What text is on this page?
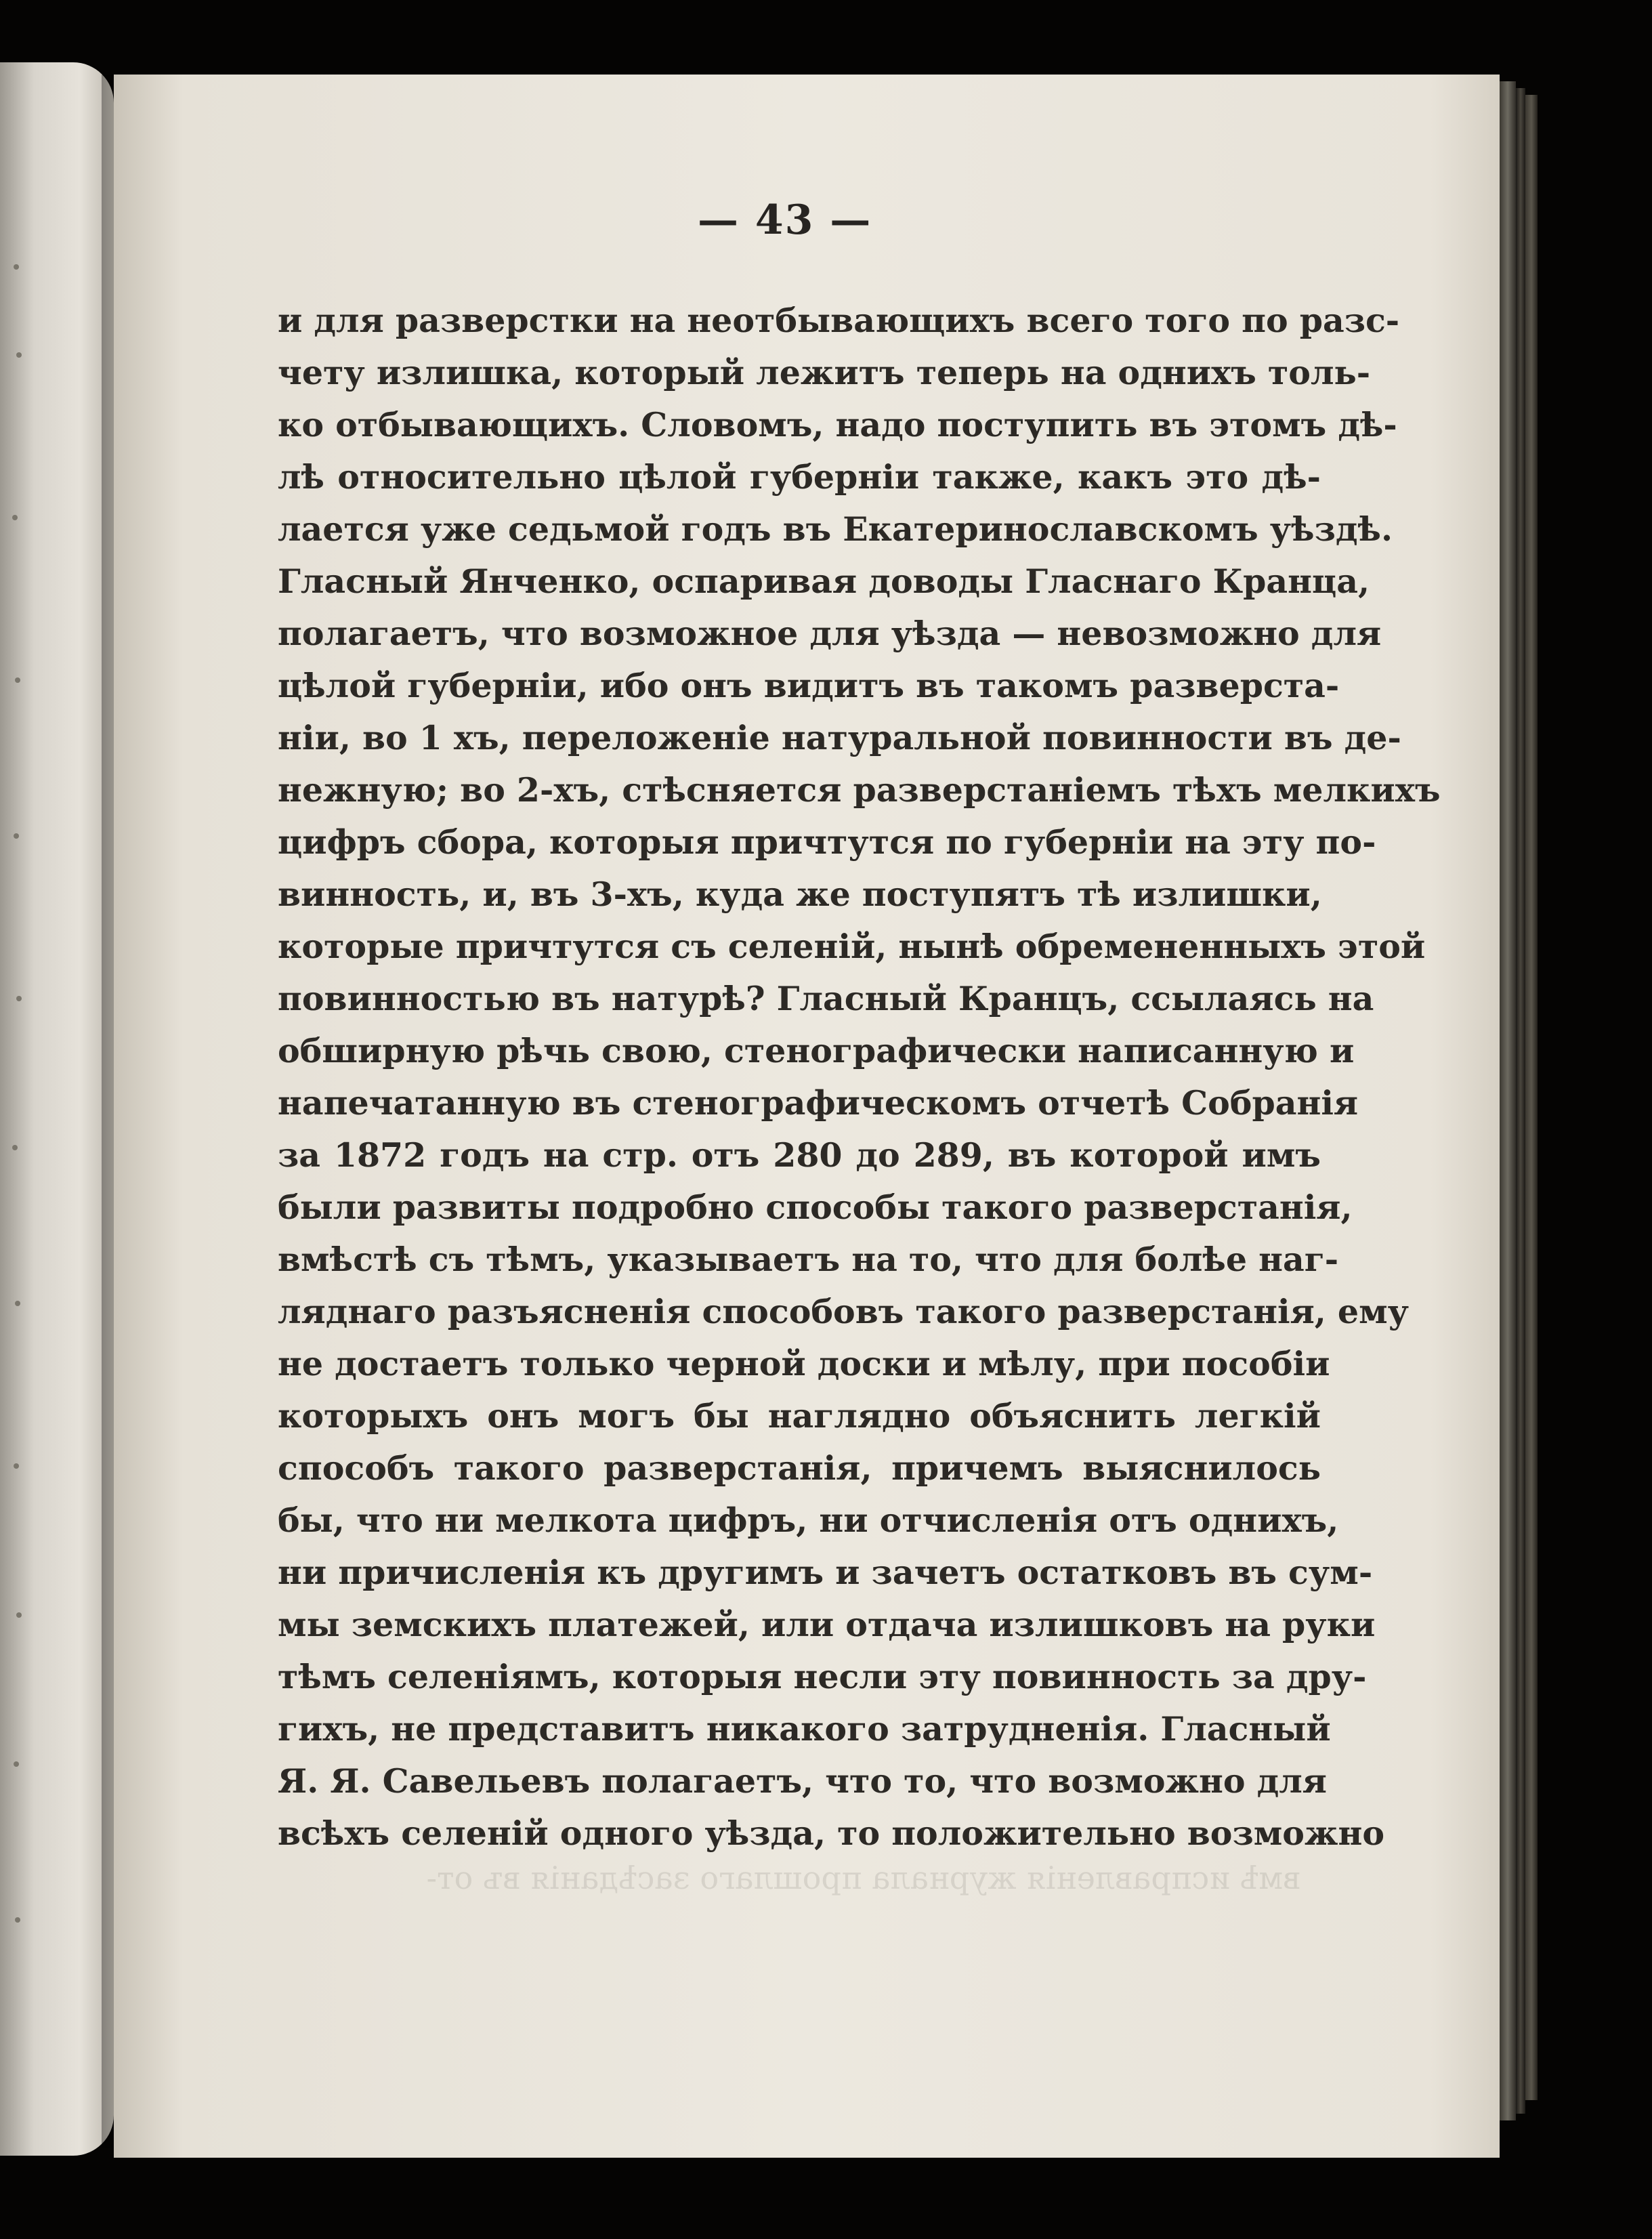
— 43 —
и для разверстки на неотбывающихъ всего того по разс-
чету излишка, который лежитъ теперь на однихъ толь-
ко отбывающихъ. Словомъ, надо поступить въ этомъ дѣ-
лѣ относительно цѣлой губерніи также, какъ это дѣ-
лается уже седьмой годъ въ Екатеринославскомъ уѣздѣ.
Гласный Янченко, оспаривая доводы Гласнаго Кранца,
полагаетъ, что возможное для уѣзда — невозможно для
цѣлой губерніи, ибо онъ видитъ въ такомъ разверста-
ніи, во 1 хъ, переложеніе натуральной повинности въ де-
нежную; во 2-хъ, стѣсняется разверстаніемъ тѣхъ мелкихъ
цифръ сбора, которыя причтутся по губерніи на эту по-
винность, и, въ 3-хъ, куда же поступятъ тѣ излишки,
которые причтутся съ селеній, нынѣ обремененныхъ этой
повинностью въ натурѣ? Гласный Кранцъ, ссылаясь на
обширную рѣчь свою, стенографически написанную и
напечатанную въ стенографическомъ отчетѣ Собранія
за 1872 годъ на стр. отъ 280 до 289, въ которой имъ
были развиты подробно способы такого разверстанія,
вмѣстѣ съ тѣмъ, указываетъ на то, что для болѣе наг-
ляднаго разъясненія способовъ такого разверстанія, ему
не достаетъ только черной доски и мѣлу, при пособіи
которыхъ онъ могъ бы наглядно объяснить легкій
способъ такого разверстанія, причемъ выяснилось
бы, что ни мелкота цифръ, ни отчисленія отъ однихъ,
ни причисленія къ другимъ и зачетъ остатковъ въ сум-
мы земскихъ платежей, или отдача излишковъ на руки
тѣмъ селеніямъ, которыя несли эту повинность за дру-
гихъ, не представитъ никакого затрудненія. Гласный
Я. Я. Савельевъ полагаетъ, что то, что возможно для
всѣхъ селеній одного уѣзда, то положительно возможно
вмѣ исправленія журнала прошлаго засѣданія въ от-
